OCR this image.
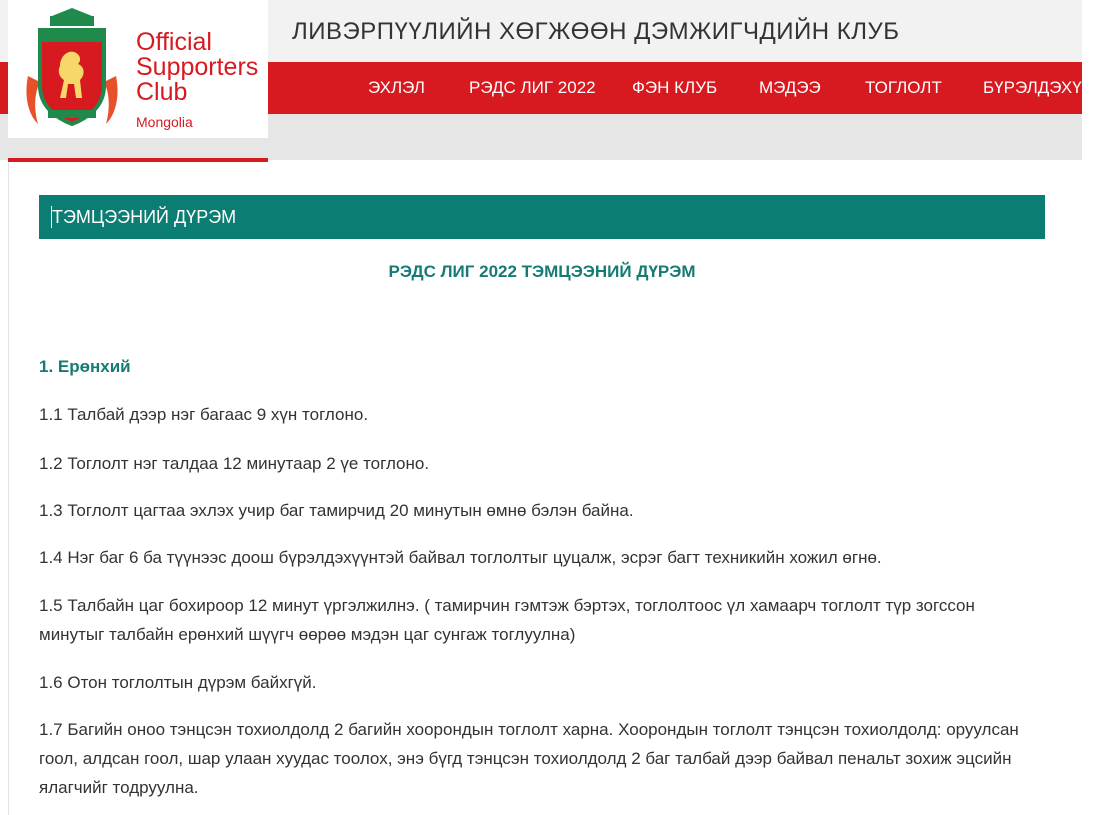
ЛИВЭРПҮҮЛИЙН ХӨГЖӨӨН ДЭМЖИГЧДИЙН КЛУБ
ЭХЛЭЛ	РЭДС ЛИГ 2022 ФЭН КЛУБ МЭДЭЭ	ТОГЛОЛТ БҮРЭЛДЭХҮҮН
Official
Supporters
Club
Mongolia
ТЭМЦЭЭНИЙ ДҮРЭМ
РЭДС ЛИГ 2022 ТЭМЦЭЭНИЙ ДҮРЭМ
1. Ерөнхий
1.1 Талбай дээр нэг багаас 9 хүн тоглоно.
1.2 Тоглолт нэг талдаа 12 минутаар 2 үе тоглоно.
1.3 Тоглолт цагтаа эхлэх учир баг тамирчид 20 минутын өмнө бэлэн байна.
1.4 Нэг баг 6 ба түүнээс доош бүрэлдэхүүнтэй байвал тоглолтыг цуцалж, эсрэг багт техникийн хожил өгнө.
1.5 Талбайн цаг бохироор 12 минут үргэлжилнэ. ( тамирчин гэмтэж бэртэх, тоглолтоос үл хамаарч тоглолт түр зогссон минутыг талбайн ерөнхий шүүгч өөрөө мэдэн цаг сунгаж тоглуулна)
1.6 Отон тоглолтын дүрэм байхгүй.
1.7 Багийн оноо тэнцсэн тохиолдолд 2 багийн хоорондын тоглолт харна. Хоорондын тоглолт тэнцсэн тохиолдолд: оруулсан гоол, алдсан гоол, шар улаан хуудас тоолох, энэ бүгд тэнцсэн тохиолдолд 2 баг талбай дээр байвал пенальт зохиж эцсийн ялагчийг тодруулна.
